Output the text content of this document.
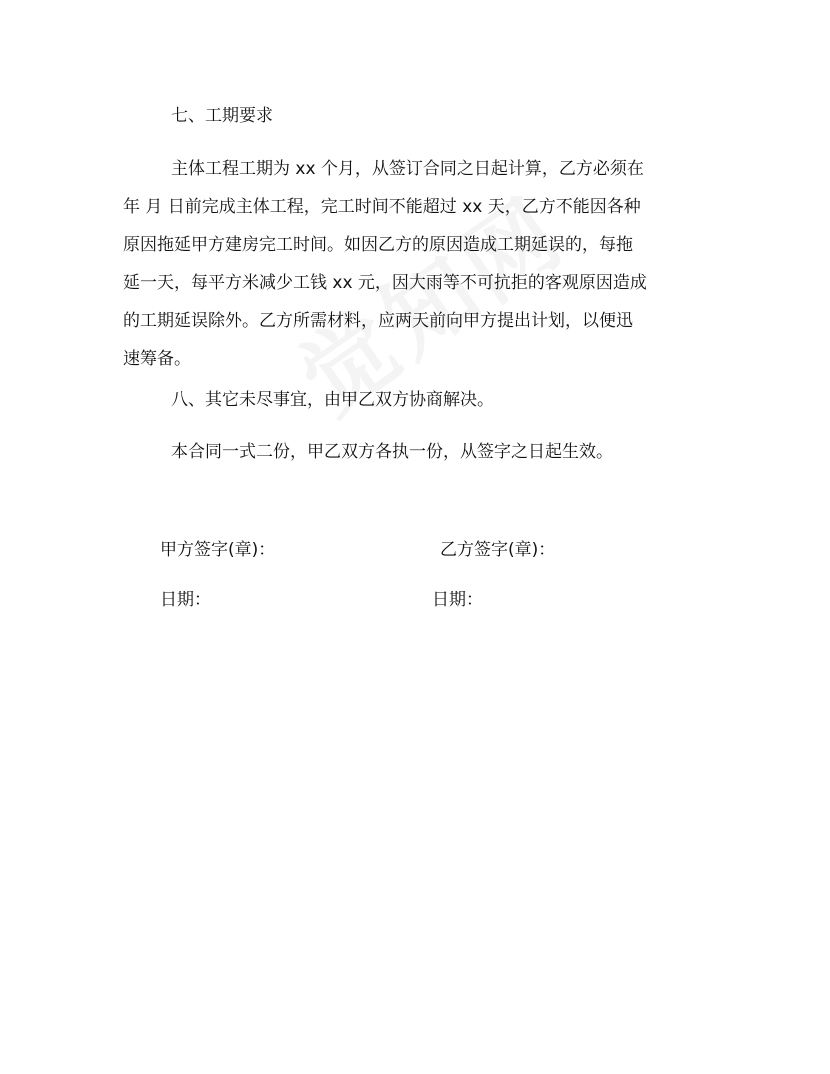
七、工期要求
主体工程工期为 xx 个月，从签订合同之日起计算，乙方必须在
年 月 日前完成主体工程，完工时间不能超过 xx 天，乙方不能因各种
原因拖延甲方建房完工时间。如因乙方的原因造成工期延误的，每拖
延一天，每平方米减少工钱 xx 元，因大雨等不可抗拒的客观原因造成
的工期延误除外。乙方所需材料，应两天前向甲方提出计划，以便迅
速筹备。
八、其它未尽事宜，由甲乙双方协商解决。
本合同一式二份，甲乙双方各执一份，从签字之日起生效。
甲方签字(章)：	乙方签字(章)：
日期：	日期：
